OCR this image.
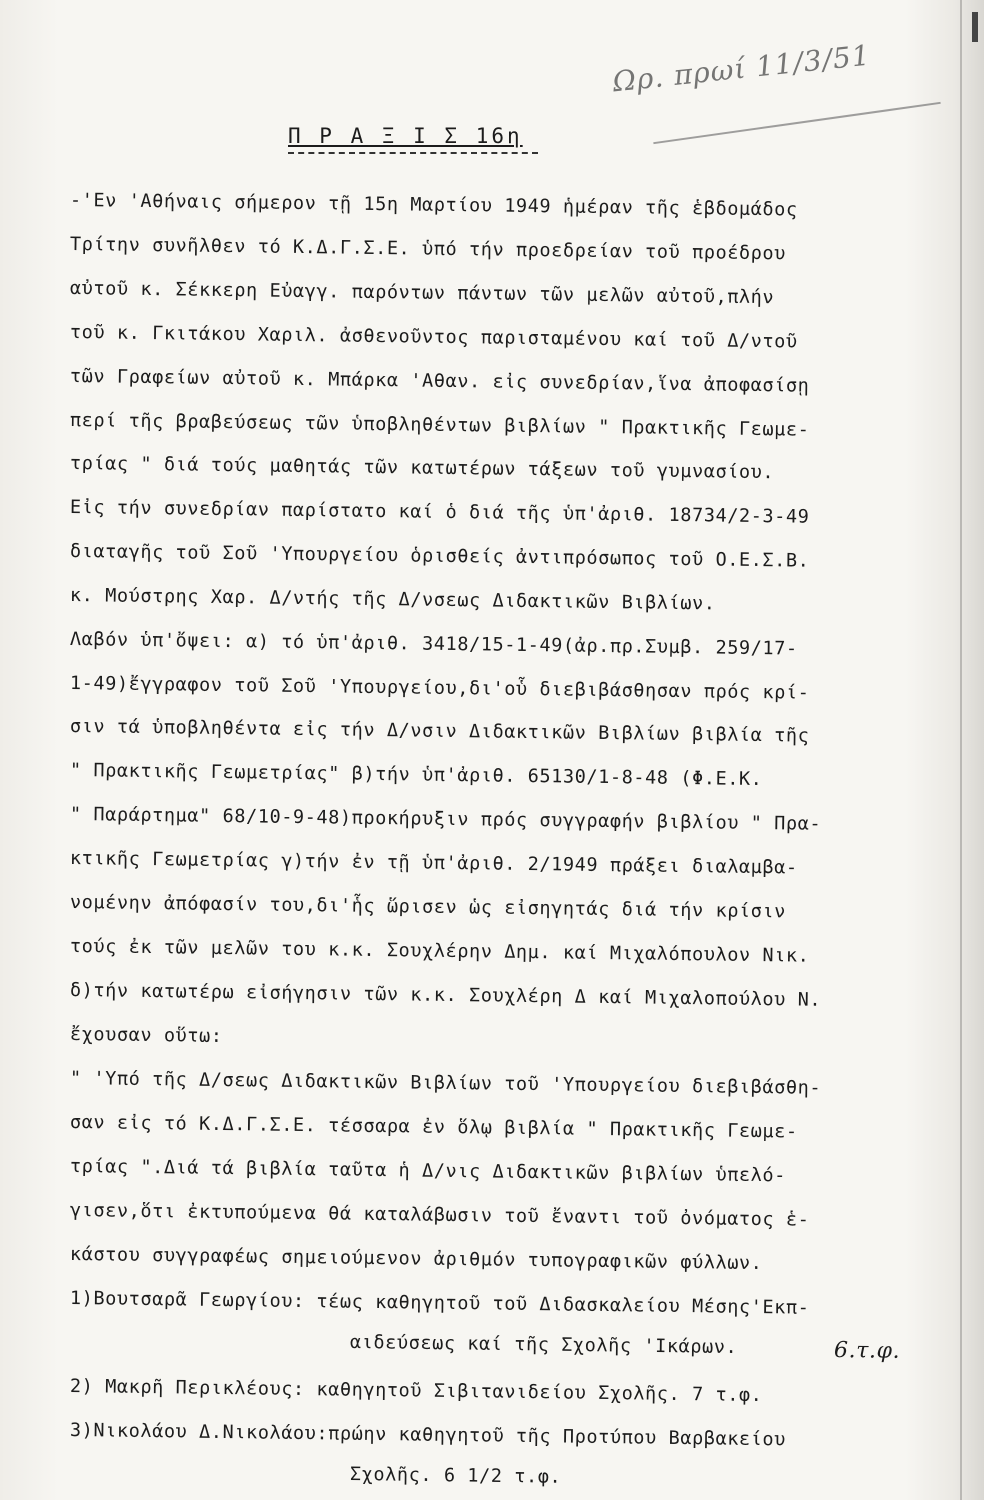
Ωρ. πρωί 11/3/51
Π Ρ Α Ξ Ι Σ 16η
-'Εν 'Αθήναις σήμερον τῇ 15η Μαρτίου 1949 ἡμέραν τῆς ἑβδομάδος
Τρίτην συνῆλθεν τό Κ.Δ.Γ.Σ.Ε. ὑπό τήν προεδρείαν τοῦ προέδρου
αὐτοῦ κ. Σέκκερη Εὐαγγ. παρόντων πάντων τῶν μελῶν αὐτοῦ,πλήν
τοῦ κ. Γκιτάκου Χαριλ. ἀσθενοῦντος παρισταμένου καί τοῦ Δ/ντοῦ
τῶν Γραφείων αὐτοῦ κ. Μπάρκα 'Αθαν. εἰς συνεδρίαν,ἵνα ἀποφασίσῃ
περί τῆς βραβεύσεως τῶν ὑποβληθέντων βιβλίων " Πρακτικῆς Γεωμε-
τρίας " διά τούς μαθητάς τῶν κατωτέρων τάξεων τοῦ γυμνασίου.
Εἰς τήν συνεδρίαν παρίστατο καί ὁ διά τῆς ὑπ'ἀριθ. 18734/2-3-49
διαταγῆς τοῦ Σοῦ 'Υπουργείου ὁρισθείς ἀντιπρόσωπος τοῦ Ο.Ε.Σ.Β.
κ. Μούστρης Χαρ. Δ/ντής τῆς Δ/νσεως Διδακτικῶν Βιβλίων.
Λαβόν ὑπ'ὄψει: α) τό ὑπ'ἀριθ. 3418/15-1-49(ἀρ.πρ.Συμβ. 259/17-
1-49)ἔγγραφον τοῦ Σοῦ 'Υπουργείου,δι'οὗ διεβιβάσθησαν πρός κρί-
σιν τά ὑποβληθέντα εἰς τήν Δ/νσιν Διδακτικῶν Βιβλίων βιβλία τῆς
" Πρακτικῆς Γεωμετρίας" β)τήν ὑπ'ἀριθ. 65130/1-8-48 (Φ.Ε.Κ.
" Παράρτημα" 68/10-9-48)προκήρυξιν πρός συγγραφήν βιβλίου " Πρα-
κτικῆς Γεωμετρίας γ)τήν ἐν τῇ ὑπ'ἀριθ. 2/1949 πράξει διαλαμβα-
νομένην ἀπόφασίν του,δι'ἧς ὥρισεν ὡς εἰσηγητάς διά τήν κρίσιν
τούς ἐκ τῶν μελῶν του κ.κ. Σουχλέρην Δημ. καί Μιχαλόπουλον Νικ.
δ)τήν κατωτέρω εἰσήγησιν τῶν κ.κ. Σουχλέρη Δ καί Μιχαλοπούλου Ν.
ἔχουσαν οὕτω:
" 'Υπό τῆς Δ/σεως Διδακτικῶν Βιβλίων τοῦ 'Υπουργείου διεβιβάσθη-
σαν εἰς τό Κ.Δ.Γ.Σ.Ε. τέσσαρα ἐν ὅλῳ βιβλία " Πρακτικῆς Γεωμε-
τρίας ".Διά τά βιβλία ταῦτα ἡ Δ/νις Διδακτικῶν βιβλίων ὑπελό-
γισεν,ὅτι ἐκτυπούμενα θά καταλάβωσιν τοῦ ἔναντι τοῦ ὀνόματος ἑ-
κάστου συγγραφέως σημειούμενον ἀριθμόν τυπογραφικῶν φύλλων.
1)Βουτσαρᾶ Γεωργίου: τέως καθηγητοῦ τοῦ Διδασκαλείου Μέσης'Εκπ-
αιδεύσεως καί τῆς Σχολῆς 'Ικάρων.	6.τ.φ.
2) Μακρῆ Περικλέους: καθηγητοῦ Σιβιτανιδείου Σχολῆς. 7 τ.φ.
3)Νικολάου Δ.Νικολάου:πρώην καθηγητοῦ τῆς Προτύπου Βαρβακείου
Σχολῆς. 6 1/2 τ.φ.
